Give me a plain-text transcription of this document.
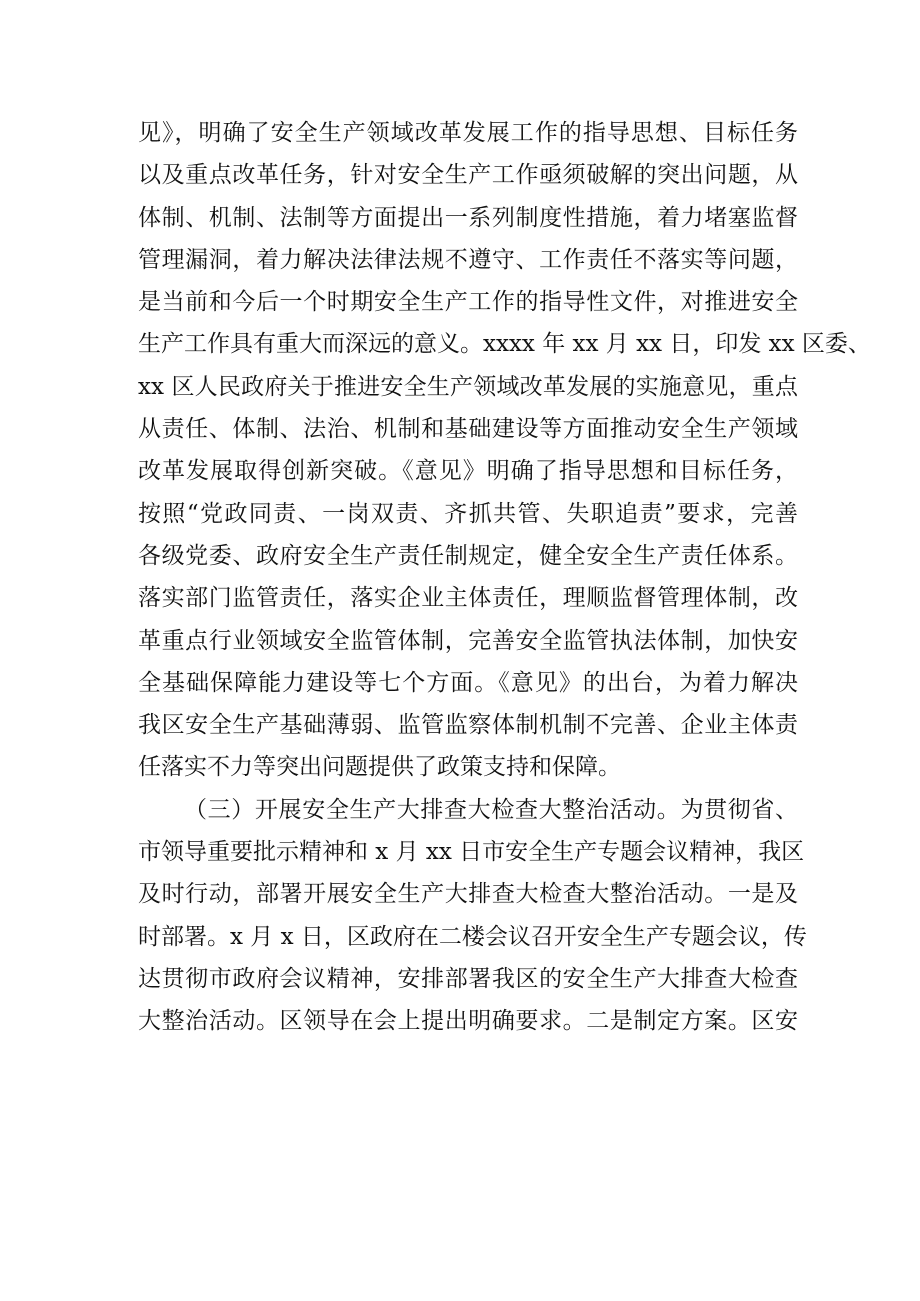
见》，明确了安全生产领域改革发展工作的指导思想、目标任务
以及重点改革任务，针对安全生产工作亟须破解的突出问题，从
体制、机制、法制等方面提出一系列制度性措施，着力堵塞监督
管理漏洞，着力解决法律法规不遵守、工作责任不落实等问题，
是当前和今后一个时期安全生产工作的指导性文件，对推进安全
生产工作具有重大而深远的意义。xxxx 年 xx 月 xx 日，印发 xx 区委、
xx 区人民政府关于推进安全生产领域改革发展的实施意见，重点
从责任、体制、法治、机制和基础建设等方面推动安全生产领域
改革发展取得创新突破。《意见》明确了指导思想和目标任务，
按照“党政同责、一岗双责、齐抓共管、失职追责”要求，完善
各级党委、政府安全生产责任制规定，健全安全生产责任体系。
落实部门监管责任，落实企业主体责任，理顺监督管理体制，改
革重点行业领域安全监管体制，完善安全监管执法体制，加快安
全基础保障能力建设等七个方面。《意见》的出台，为着力解决
我区安全生产基础薄弱、监管监察体制机制不完善、企业主体责
任落实不力等突出问题提供了政策支持和保障。
（三）开展安全生产大排查大检查大整治活动。为贯彻省、
市领导重要批示精神和 x 月 xx 日市安全生产专题会议精神，我区
及时行动，部署开展安全生产大排查大检查大整治活动。一是及
时部署。x 月 x 日，区政府在二楼会议召开安全生产专题会议，传
达贯彻市政府会议精神，安排部署我区的安全生产大排查大检查
大整治活动。区领导在会上提出明确要求。二是制定方案。区安
